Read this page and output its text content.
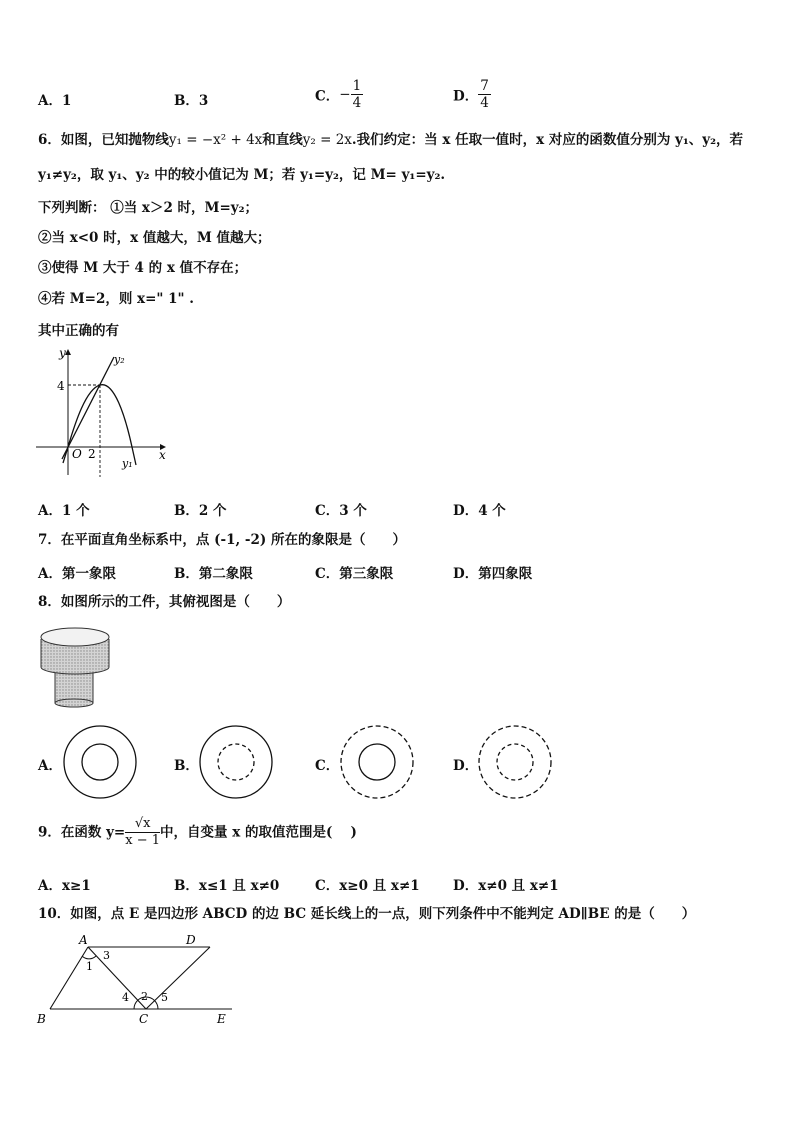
A．1	B．3	C．− $\frac{1}{4}$	D． $\frac{7}{4}$
6．如图，已知抛物线y₁ = −x² + 4x和直线y₂ = 2x.我们约定：当 x 任取一值时，x 对应的函数值分别为 y₁、y₂，若
y₁≠y₂，取 y₁、y₂ 中的较小值记为 M；若 y₁=y₂，记 M= y₁=y₂.
下列判断： ①当 x＞2 时，M=y₂；
②当 x<0 时，x 值越大，M 值越大；
③使得 M 大于 4 的 x 值不存在；
④若 M=2，则 x=" 1" .
其中正确的有
y
x
O
4
2
y₁
y₂
A．1 个	B．2 个	C．3 个	D．4 个
7．在平面直角坐标系中，点 (-1, -2) 所在的象限是（　　）
A．第一象限	B．第二象限	C．第三象限	D．第四象限
8．如图所示的工件，其俯视图是（　　）
A．	B．	C．	D．
9．在函数 $y= \frac{√x}{x - 1}$ 中，自变量 x 的取值范围是(　 )
A．x≥1	B．x≤1 且 x≠0	C．x≥0 且 x≠1 D．x≠0 且 x≠1
10．如图，点 E 是四边形 ABCD 的边 BC 延长线上的一点，则下列条件中不能判定 AD∥BE 的是（　　）
A	D
B	C	E
1
2
3
4	5
